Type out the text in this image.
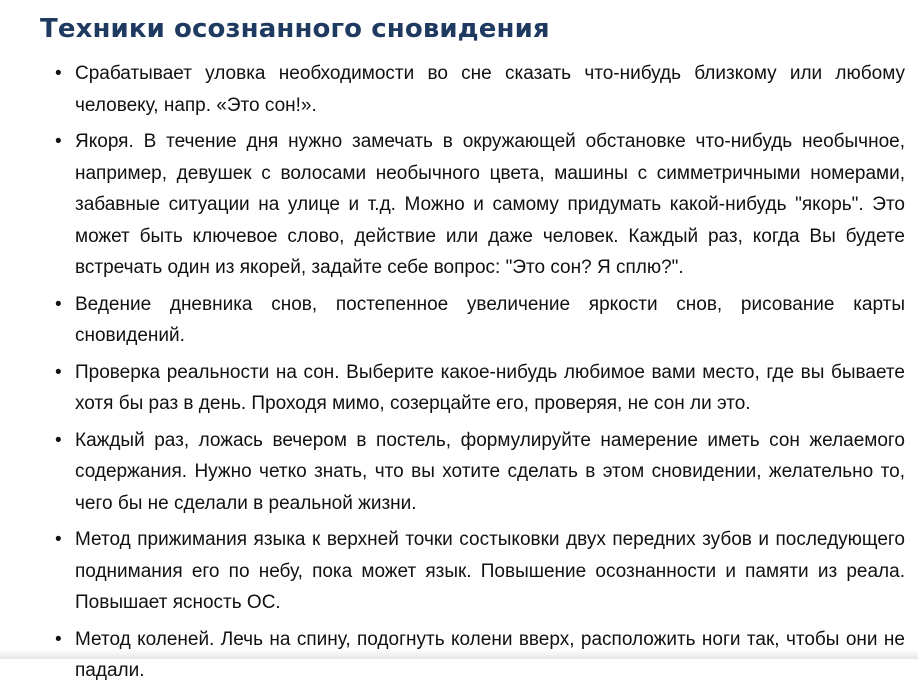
Техники осознанного сновидения
• Срабатывает уловка необходимости во сне сказать что-нибудь близкому или любому человеку, напр. «Это сон!».
• Якоря. В течение дня нужно замечать в окружающей обстановке что-нибудь необычное, например, девушек с волосами необычного цвета, машины с симметричными номерами, забавные ситуации на улице и т.д. Можно и самому придумать какой-нибудь "якорь". Это может быть ключевое слово, действие или даже человек. Каждый раз, когда Вы будете встречать один из якорей, задайте себе вопрос: "Это сон? Я сплю?".
• Ведение дневника снов, постепенное увеличение яркости снов, рисование карты сновидений.
• Проверка реальности на сон. Выберите какое-нибудь любимое вами место, где вы бываете хотя бы раз в день. Проходя мимо, созерцайте его, проверяя, не сон ли это.
• Каждый раз, ложась вечером в постель, формулируйте намерение иметь сон желаемого содержания. Нужно четко знать, что вы хотите сделать в этом сновидении, желательно то, чего бы не сделали в реальной жизни.
• Метод прижимания языка к верхней точки состыковки двух передних зубов и последующего поднимания его по небу, пока может язык. Повышение осознанности и памяти из реала. Повышает ясность ОС.
• Метод коленей. Лечь на спину, подогнуть колени вверх, расположить ноги так, чтобы они не падали.
